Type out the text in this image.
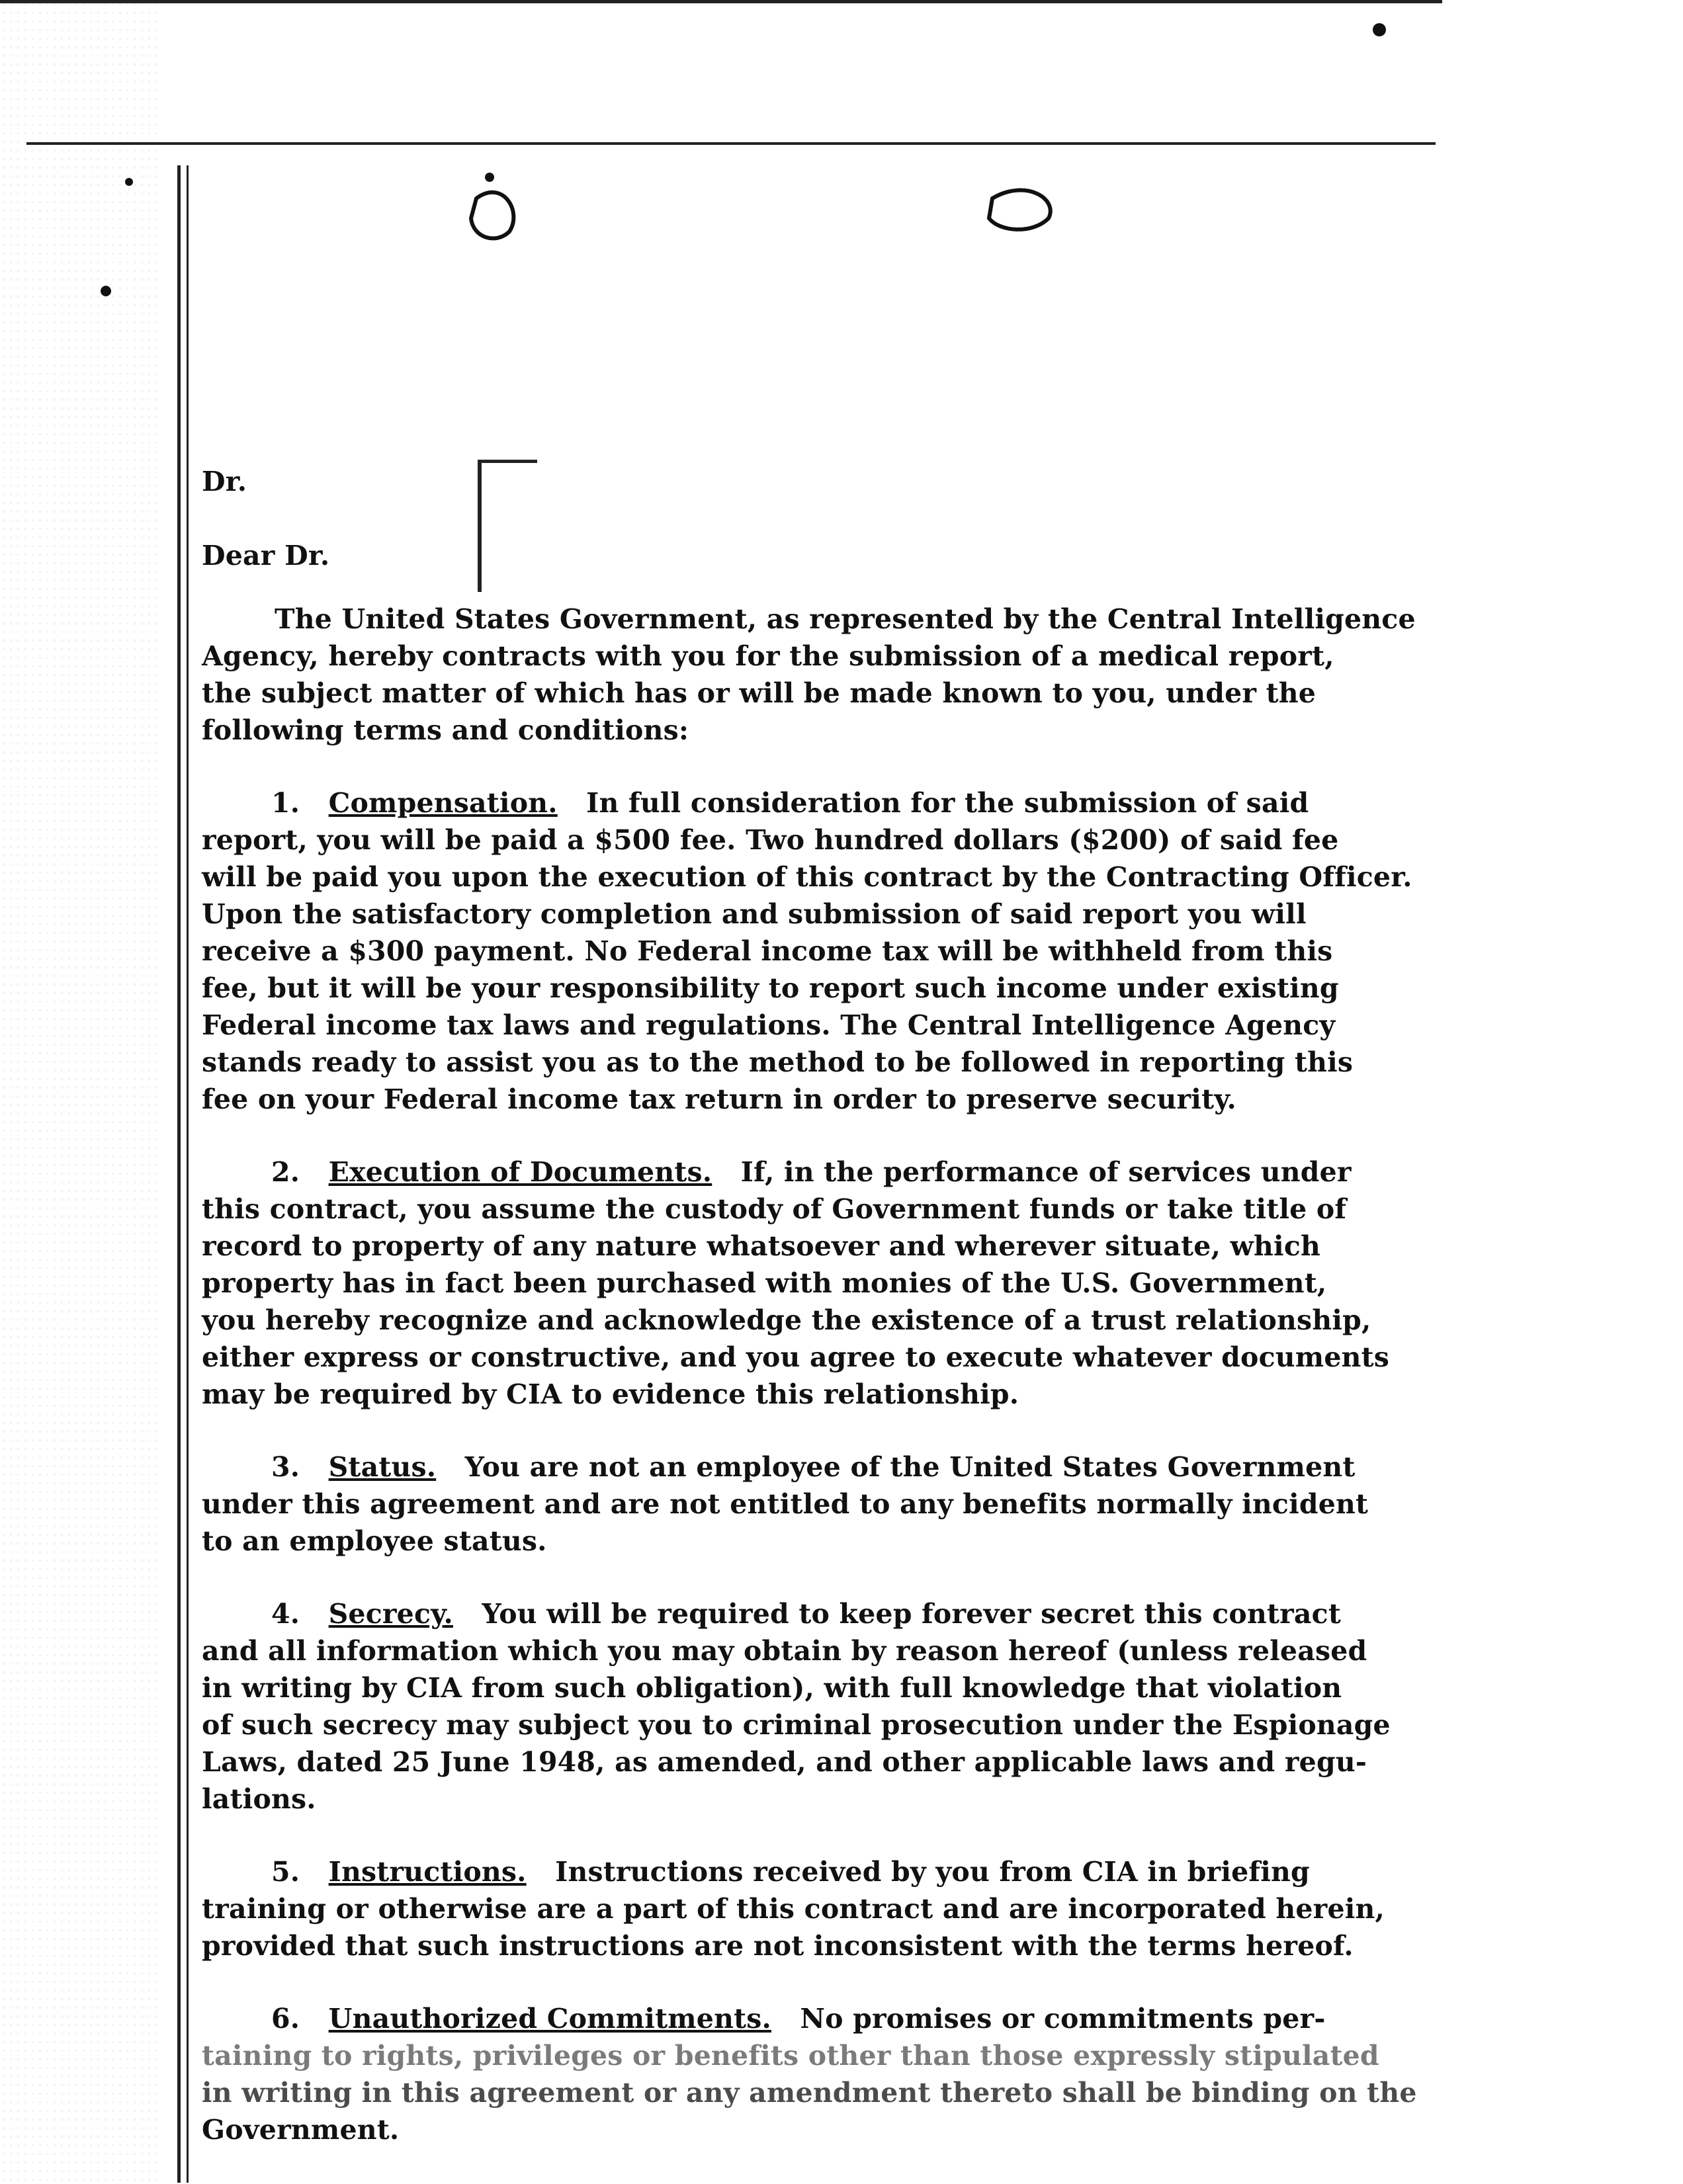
Dr.
Dear Dr.
The United States Government, as represented by the Central Intelligence
Agency, hereby contracts with you for the submission of a medical report,
the subject matter of which has or will be made known to you, under the
following terms and conditions:
1. Compensation. In full consideration for the submission of said
report, you will be paid a $500 fee. Two hundred dollars ($200) of said fee
will be paid you upon the execution of this contract by the Contracting Officer.
Upon the satisfactory completion and submission of said report you will
receive a $300 payment. No Federal income tax will be withheld from this
fee, but it will be your responsibility to report such income under existing
Federal income tax laws and regulations. The Central Intelligence Agency
stands ready to assist you as to the method to be followed in reporting this
fee on your Federal income tax return in order to preserve security.
2. Execution of Documents. If, in the performance of services under
this contract, you assume the custody of Government funds or take title of
record to property of any nature whatsoever and wherever situate, which
property has in fact been purchased with monies of the U.S. Government,
you hereby recognize and acknowledge the existence of a trust relationship,
either express or constructive, and you agree to execute whatever documents
may be required by CIA to evidence this relationship.
3. Status. You are not an employee of the United States Government
under this agreement and are not entitled to any benefits normally incident
to an employee status.
4. Secrecy. You will be required to keep forever secret this contract
and all information which you may obtain by reason hereof (unless released
in writing by CIA from such obligation), with full knowledge that violation
of such secrecy may subject you to criminal prosecution under the Espionage
Laws, dated 25 June 1948, as amended, and other applicable laws and regu-
lations.
5. Instructions. Instructions received by you from CIA in briefing
training or otherwise are a part of this contract and are incorporated herein,
provided that such instructions are not inconsistent with the terms hereof.
6. Unauthorized Commitments. No promises or commitments per-
taining to rights, privileges or benefits other than those expressly stipulated
in writing in this agreement or any amendment thereto shall be binding on the
Government.
